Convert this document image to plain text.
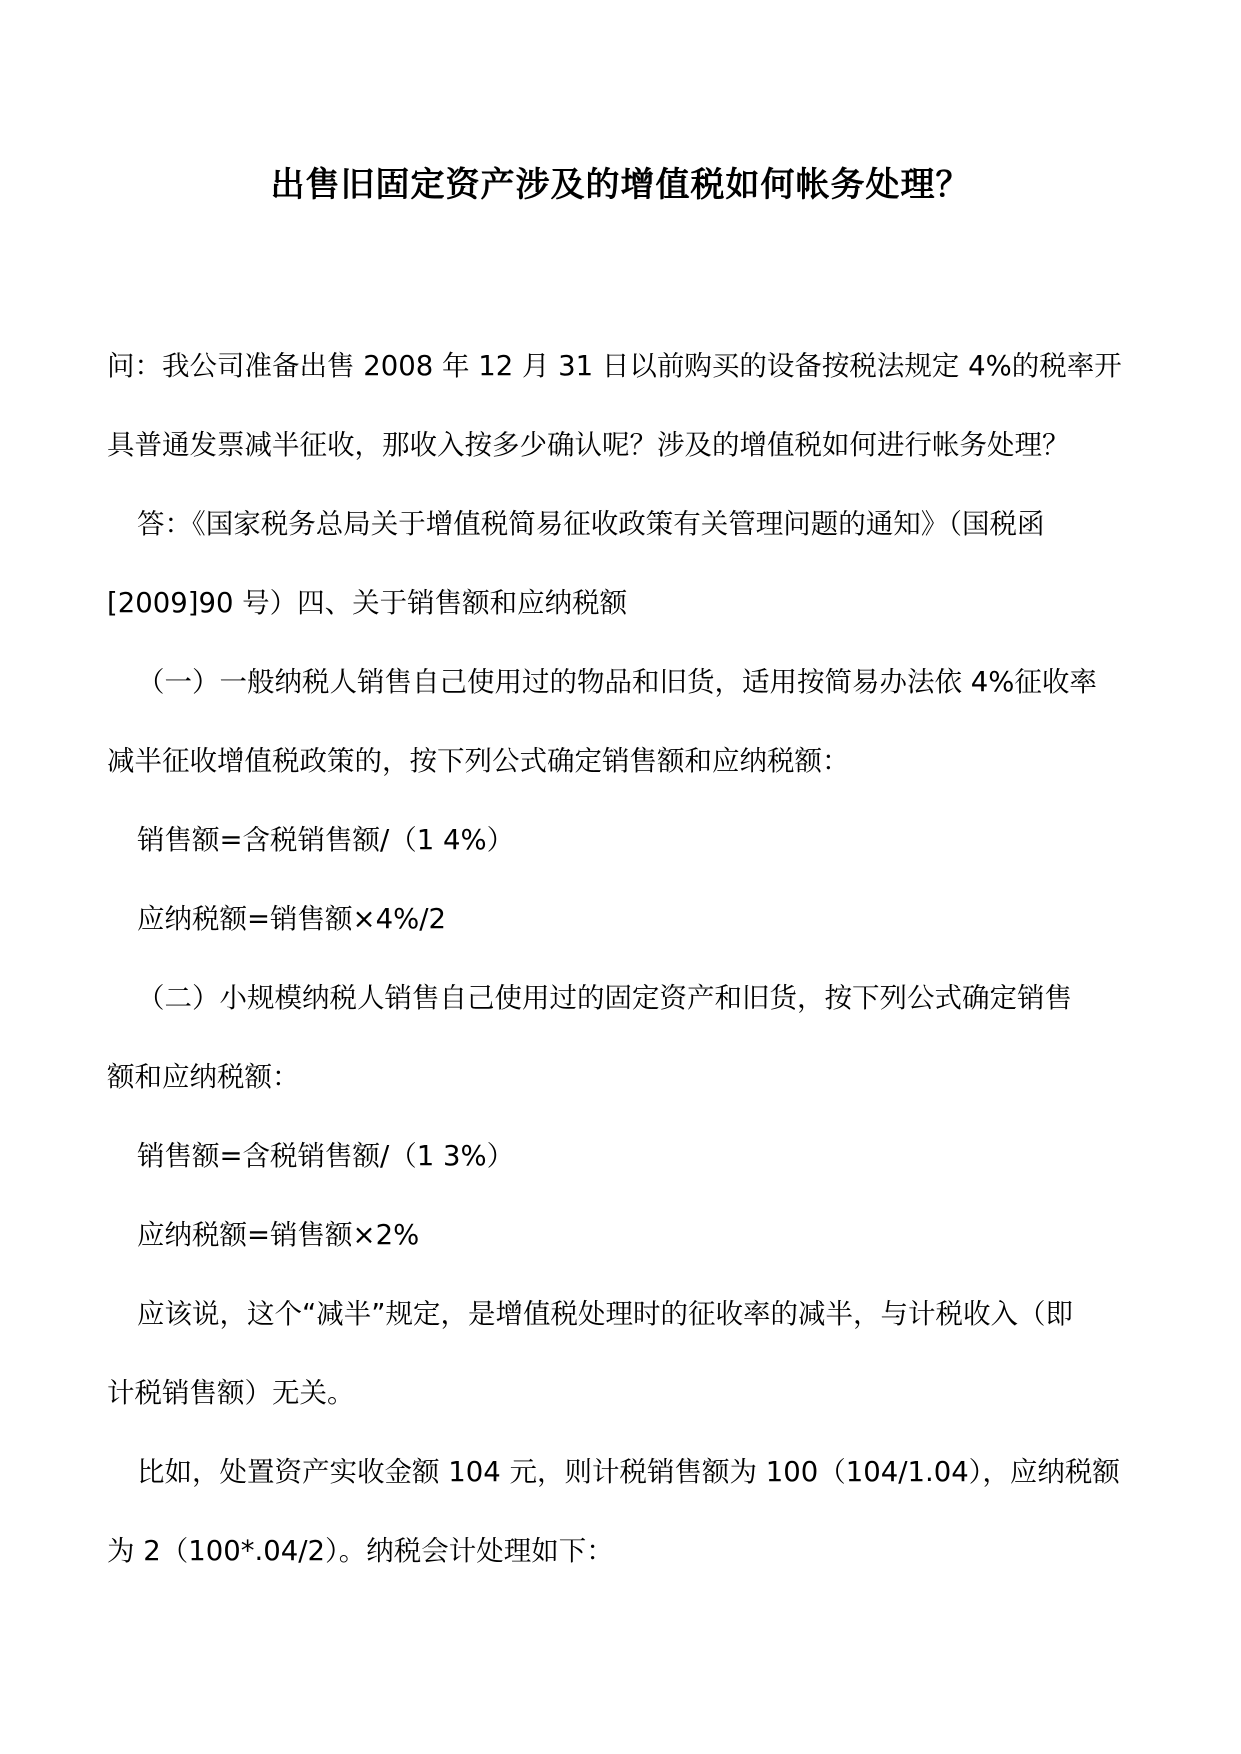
出售旧固定资产涉及的增值税如何帐务处理？

问：我公司准备出售 2008 年 12 月 31 日以前购买的设备按税法规定 4%的税率开

具普通发票减半征收，那收入按多少确认呢？涉及的增值税如何进行帐务处理？

答：《国家税务总局关于增值税简易征收政策有关管理问题的通知》（国税函

[2009]90 号）四、关于销售额和应纳税额

（一）一般纳税人销售自己使用过的物品和旧货，适用按简易办法依 4%征收率

减半征收增值税政策的，按下列公式确定销售额和应纳税额：

销售额=含税销售额/（1 4%）

应纳税额=销售额×4%/2

（二）小规模纳税人销售自己使用过的固定资产和旧货，按下列公式确定销售

额和应纳税额：

销售额=含税销售额/（1 3%）

应纳税额=销售额×2%

应该说，这个“减半”规定，是增值税处理时的征收率的减半，与计税收入（即

计税销售额）无关。

比如，处置资产实收金额 104 元，则计税销售额为 100（104/1.04），应纳税额

为 2（100*.04/2）。纳税会计处理如下：
